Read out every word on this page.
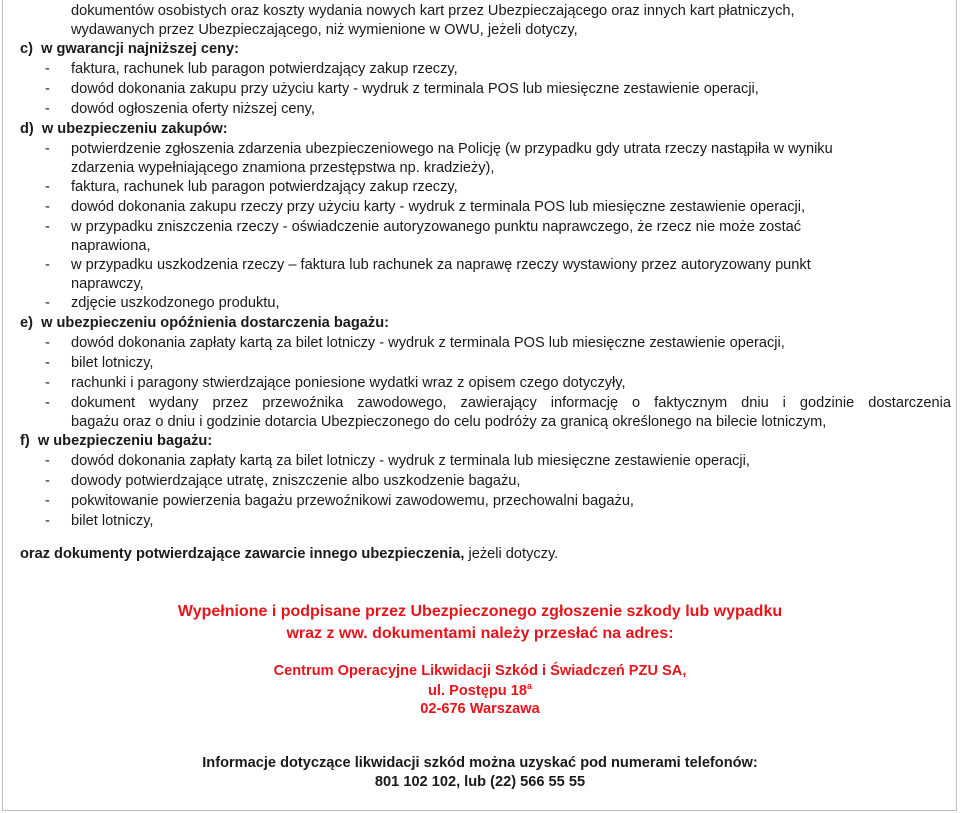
dokumentów osobistych oraz koszty wydania nowych kart przez Ubezpieczającego oraz innych kart płatniczych,
wydawanych przez Ubezpieczającego, niż wymienione w OWU, jeżeli dotyczy,
c) w gwarancji najniższej ceny:
- faktura, rachunek lub paragon potwierdzający zakup rzeczy,
- dowód dokonania zakupu przy użyciu karty - wydruk z terminala POS lub miesięczne zestawienie operacji,
- dowód ogłoszenia oferty niższej ceny,
d) w ubezpieczeniu zakupów:
- potwierdzenie zgłoszenia zdarzenia ubezpieczeniowego na Policję (w przypadku gdy utrata rzeczy nastąpiła w wyniku
zdarzenia wypełniającego znamiona przestępstwa np. kradzieży),
- faktura, rachunek lub paragon potwierdzający zakup rzeczy,
- dowód dokonania zakupu rzeczy przy użyciu karty - wydruk z terminala POS lub miesięczne zestawienie operacji,
- w przypadku zniszczenia rzeczy - oświadczenie autoryzowanego punktu naprawczego, że rzecz nie może zostać
naprawiona,
- w przypadku uszkodzenia rzeczy – faktura lub rachunek za naprawę rzeczy wystawiony przez autoryzowany punkt
naprawczy,
- zdjęcie uszkodzonego produktu,
e) w ubezpieczeniu opóźnienia dostarczenia bagażu:
- dowód dokonania zapłaty kartą za bilet lotniczy - wydruk z terminala POS lub miesięczne zestawienie operacji,
- bilet lotniczy,
- rachunki i paragony stwierdzające poniesione wydatki wraz z opisem czego dotyczyły,
- dokument wydany przez przewoźnika zawodowego, zawierający informację o faktycznym dniu i godzinie dostarczenia
bagażu oraz o dniu i godzinie dotarcia Ubezpieczonego do celu podróży za granicą określonego na bilecie lotniczym,
f) w ubezpieczeniu bagażu:
- dowód dokonania zapłaty kartą za bilet lotniczy - wydruk z terminala lub miesięczne zestawienie operacji,
- dowody potwierdzające utratę, zniszczenie albo uszkodzenie bagażu,
- pokwitowanie powierzenia bagażu przewoźnikowi zawodowemu, przechowalni bagażu,
- bilet lotniczy,
oraz dokumenty potwierdzające zawarcie innego ubezpieczenia, jeżeli dotyczy.
Wypełnione i podpisane przez Ubezpieczonego zgłoszenie szkody lub wypadku
wraz z ww. dokumentami należy przesłać na adres:
Centrum Operacyjne Likwidacji Szkód i Świadczeń PZU SA,
ul. Postępu 18$^a$
02-676 Warszawa
Informacje dotyczące likwidacji szkód można uzyskać pod numerami telefonów:
801 102 102, lub (22) 566 55 55
